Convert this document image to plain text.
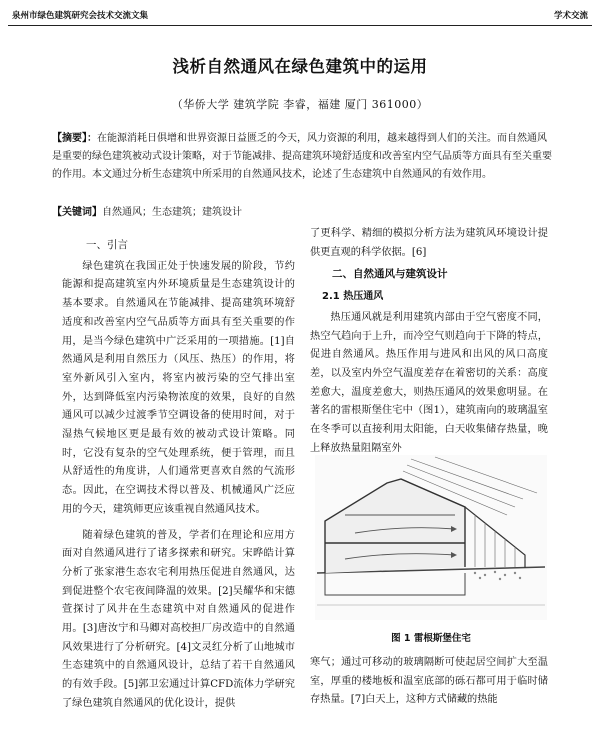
泉州市绿色建筑研究会技术交流文集	学术交流
浅析自然通风在绿色建筑中的运用
（华侨大学 建筑学院 李睿，福建 厦门 361000）
【摘要】：在能源消耗日俱增和世界资源日益匮乏的今天，风力资源的利用，越来越得到人们的关注。而自然通风是重要的绿色建筑被动式设计策略，对于节能减排、提高建筑环境舒适度和改善室内空气品质等方面具有至关重要的作用。本文通过分析生态建筑中所采用的自然通风技术，论述了生态建筑中自然通风的有效作用。
【关键词】自然通风；生态建筑；建筑设计
一、引言

绿色建筑在我国正处于快速发展的阶段，节约能源和提高建筑室内外环境质量是生态建筑设计的基本要求。自然通风在节能减排、提高建筑环境舒适度和改善室内空气品质等方面具有至关重要的作用，是当今绿色建筑中广泛采用的一项措施。[1]自然通风是利用自然压力（风压、热压）的作用，将室外新风引入室内，将室内被污染的空气排出室外，达到降低室内污染物浓度的效果，良好的自然通风可以减少过渡季节空调设备的使用时间，对于湿热气候地区更是最有效的被动式设计策略。同时，它没有复杂的空气处理系统，便于管理，而且从舒适性的角度讲，人们通常更喜欢自然的气流形态。因此，在空调技术得以普及、机械通风广泛应用的今天，建筑师更应该重视自然通风技术。

随着绿色建筑的普及，学者们在理论和应用方面对自然通风进行了诸多探索和研究。宋晔皓计算分析了张家港生态农宅利用热压促进自然通风，达到促进整个农宅夜间降温的效果。[2]吴耀华和宋德萱探讨了风井在生态建筑中对自然通风的促进作用。[3]唐汝宁和马卿对高校担厂房改造中的自然通风效果进行了分析研究。[4]文灵红分析了山地城市生态建筑中的自然通风设计，总结了若干自然通风的有效手段。[5]郭卫宏通过计算CFD流体力学研究了绿色建筑自然通风的优化设计，提供

了更科学、精细的模拟分析方法为建筑风环境设计提供更直观的科学依据。[6]

二、自然通风与建筑设计
2.1 热压通风

热压通风就是利用建筑内部由于空气密度不同，热空气趋向于上升，而冷空气则趋向于下降的特点，促进自然通风。热压作用与进风和出风的风口高度差，以及室内外空气温度差存在着密切的关系：高度差愈大，温度差愈大，则热压通风的效果愈明显。在著名的雷根斯堡住宅中（图1），建筑南向的玻璃温室在冬季可以直接利用太阳能，白天收集储存热量，晚上释放热量阻隔室外

图 1 雷根斯堡住宅

寒气；通过可移动的玻璃隔断可使起居空间扩大至温室，厚重的楼地板和温室底部的砾石都可用于临时储存热量。[7]白天上，这种方式储藏的热能
